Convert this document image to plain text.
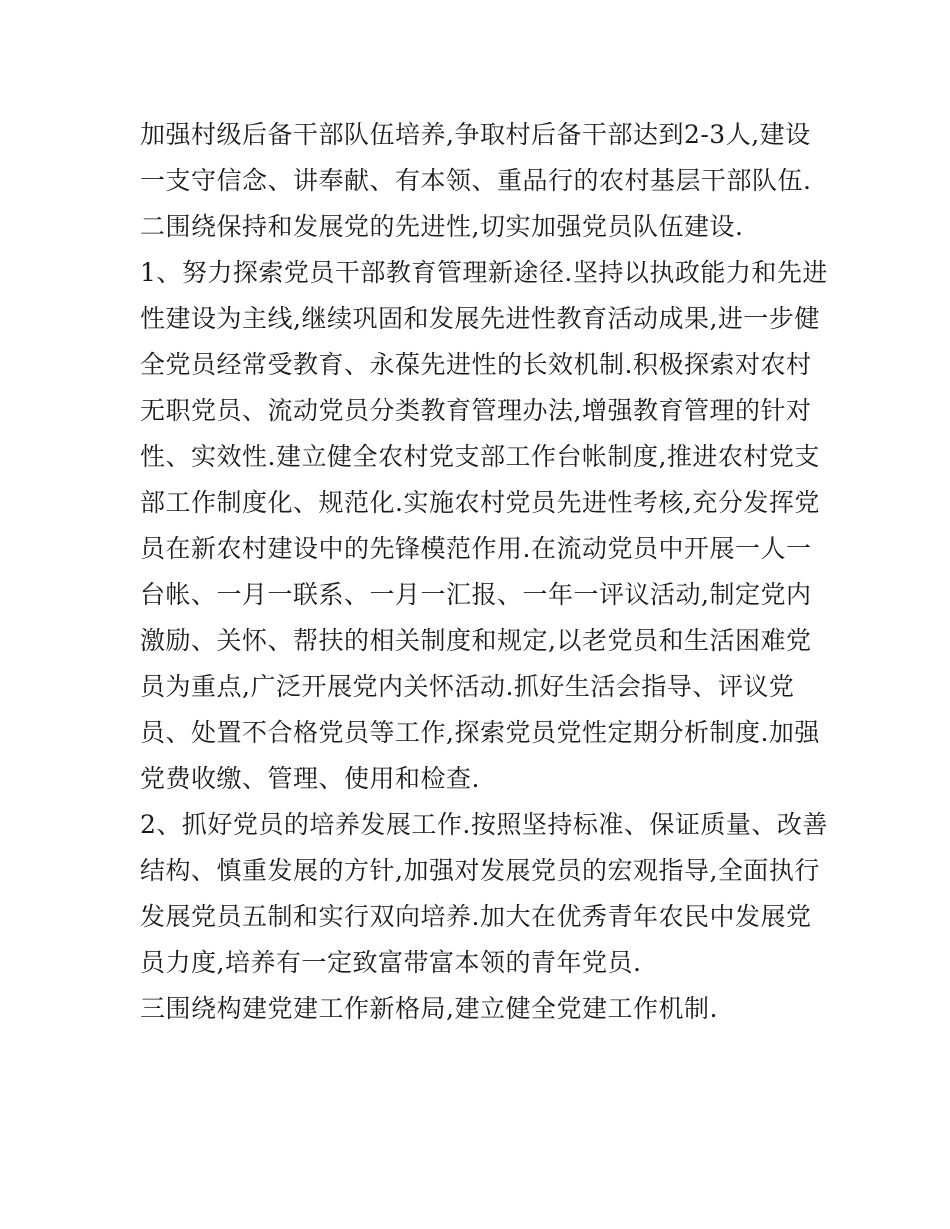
加强村级后备干部队伍培养,争取村后备干部达到2-3人,建设
一支守信念、讲奉献、有本领、重品行的农村基层干部队伍.
二围绕保持和发展党的先进性,切实加强党员队伍建设.
1、努力探索党员干部教育管理新途径.坚持以执政能力和先进
性建设为主线,继续巩固和发展先进性教育活动成果,进一步健
全党员经常受教育、永葆先进性的长效机制.积极探索对农村
无职党员、流动党员分类教育管理办法,增强教育管理的针对
性、实效性.建立健全农村党支部工作台帐制度,推进农村党支
部工作制度化、规范化.实施农村党员先进性考核,充分发挥党
员在新农村建设中的先锋模范作用.在流动党员中开展一人一
台帐、一月一联系、一月一汇报、一年一评议活动,制定党内
激励、关怀、帮扶的相关制度和规定,以老党员和生活困难党
员为重点,广泛开展党内关怀活动.抓好生活会指导、评议党
员、处置不合格党员等工作,探索党员党性定期分析制度.加强
党费收缴、管理、使用和检查.
2、抓好党员的培养发展工作.按照坚持标准、保证质量、改善
结构、慎重发展的方针,加强对发展党员的宏观指导,全面执行
发展党员五制和实行双向培养.加大在优秀青年农民中发展党
员力度,培养有一定致富带富本领的青年党员.
三围绕构建党建工作新格局,建立健全党建工作机制.
